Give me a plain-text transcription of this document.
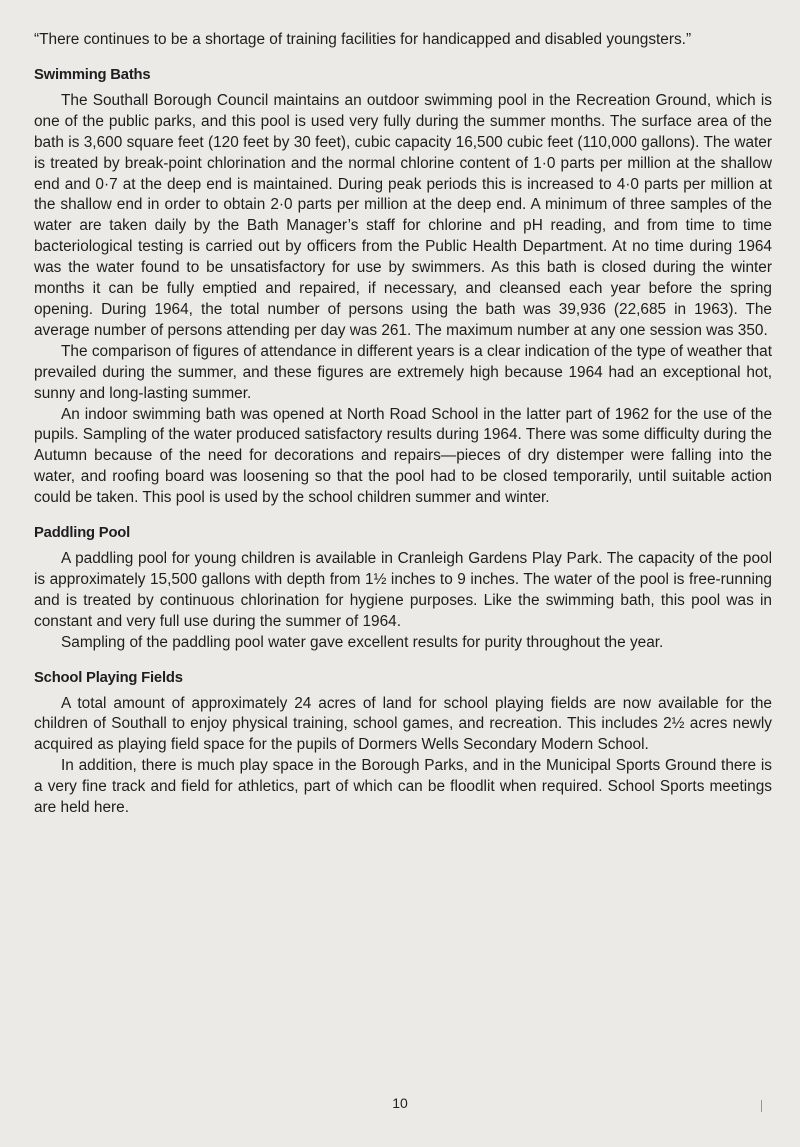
“There continues to be a shortage of training facilities for handicapped and disabled youngsters.”

Swimming Baths

The Southall Borough Council maintains an outdoor swimming pool in the Recreation Ground, which is one of the public parks, and this pool is used very fully during the summer months. The surface area of the bath is 3,600 square feet (120 feet by 30 feet), cubic capacity 16,500 cubic feet (110,000 gallons). The water is treated by break-point chlorination and the normal chlorine content of 1·0 parts per million at the shallow end and 0·7 at the deep end is maintained. During peak periods this is increased to 4·0 parts per million at the shallow end in order to obtain 2·0 parts per million at the deep end. A minimum of three samples of the water are taken daily by the Bath Manager’s staff for chlorine and pH reading, and from time to time bacteriological testing is carried out by officers from the Public Health Department. At no time during 1964 was the water found to be unsatisfactory for use by swimmers. As this bath is closed during the winter months it can be fully emptied and repaired, if necessary, and cleansed each year before the spring opening. During 1964, the total number of persons using the bath was 39,936 (22,685 in 1963). The average number of persons attending per day was 261. The maximum number at any one session was 350.

The comparison of figures of attendance in different years is a clear indication of the type of weather that prevailed during the summer, and these figures are extremely high because 1964 had an exceptional hot, sunny and long-lasting summer.

An indoor swimming bath was opened at North Road School in the latter part of 1962 for the use of the pupils. Sampling of the water produced satisfactory results during 1964. There was some difficulty during the Autumn because of the need for decorations and repairs—pieces of dry distemper were falling into the water, and roofing board was loosening so that the pool had to be closed temporarily, until suitable action could be taken. This pool is used by the school children summer and winter.

Paddling Pool

A paddling pool for young children is available in Cranleigh Gardens Play Park. The capacity of the pool is approximately 15,500 gallons with depth from 1½ inches to 9 inches. The water of the pool is free-running and is treated by continuous chlorination for hygiene purposes. Like the swimming bath, this pool was in constant and very full use during the summer of 1964.

Sampling of the paddling pool water gave excellent results for purity throughout the year.

School Playing Fields

A total amount of approximately 24 acres of land for school playing fields are now available for the children of Southall to enjoy physical training, school games, and recreation. This includes 2½ acres newly acquired as playing field space for the pupils of Dormers Wells Secondary Modern School.

In addition, there is much play space in the Borough Parks, and in the Municipal Sports Ground there is a very fine track and field for athletics, part of which can be floodlit when required. School Sports meetings are held here.

10
